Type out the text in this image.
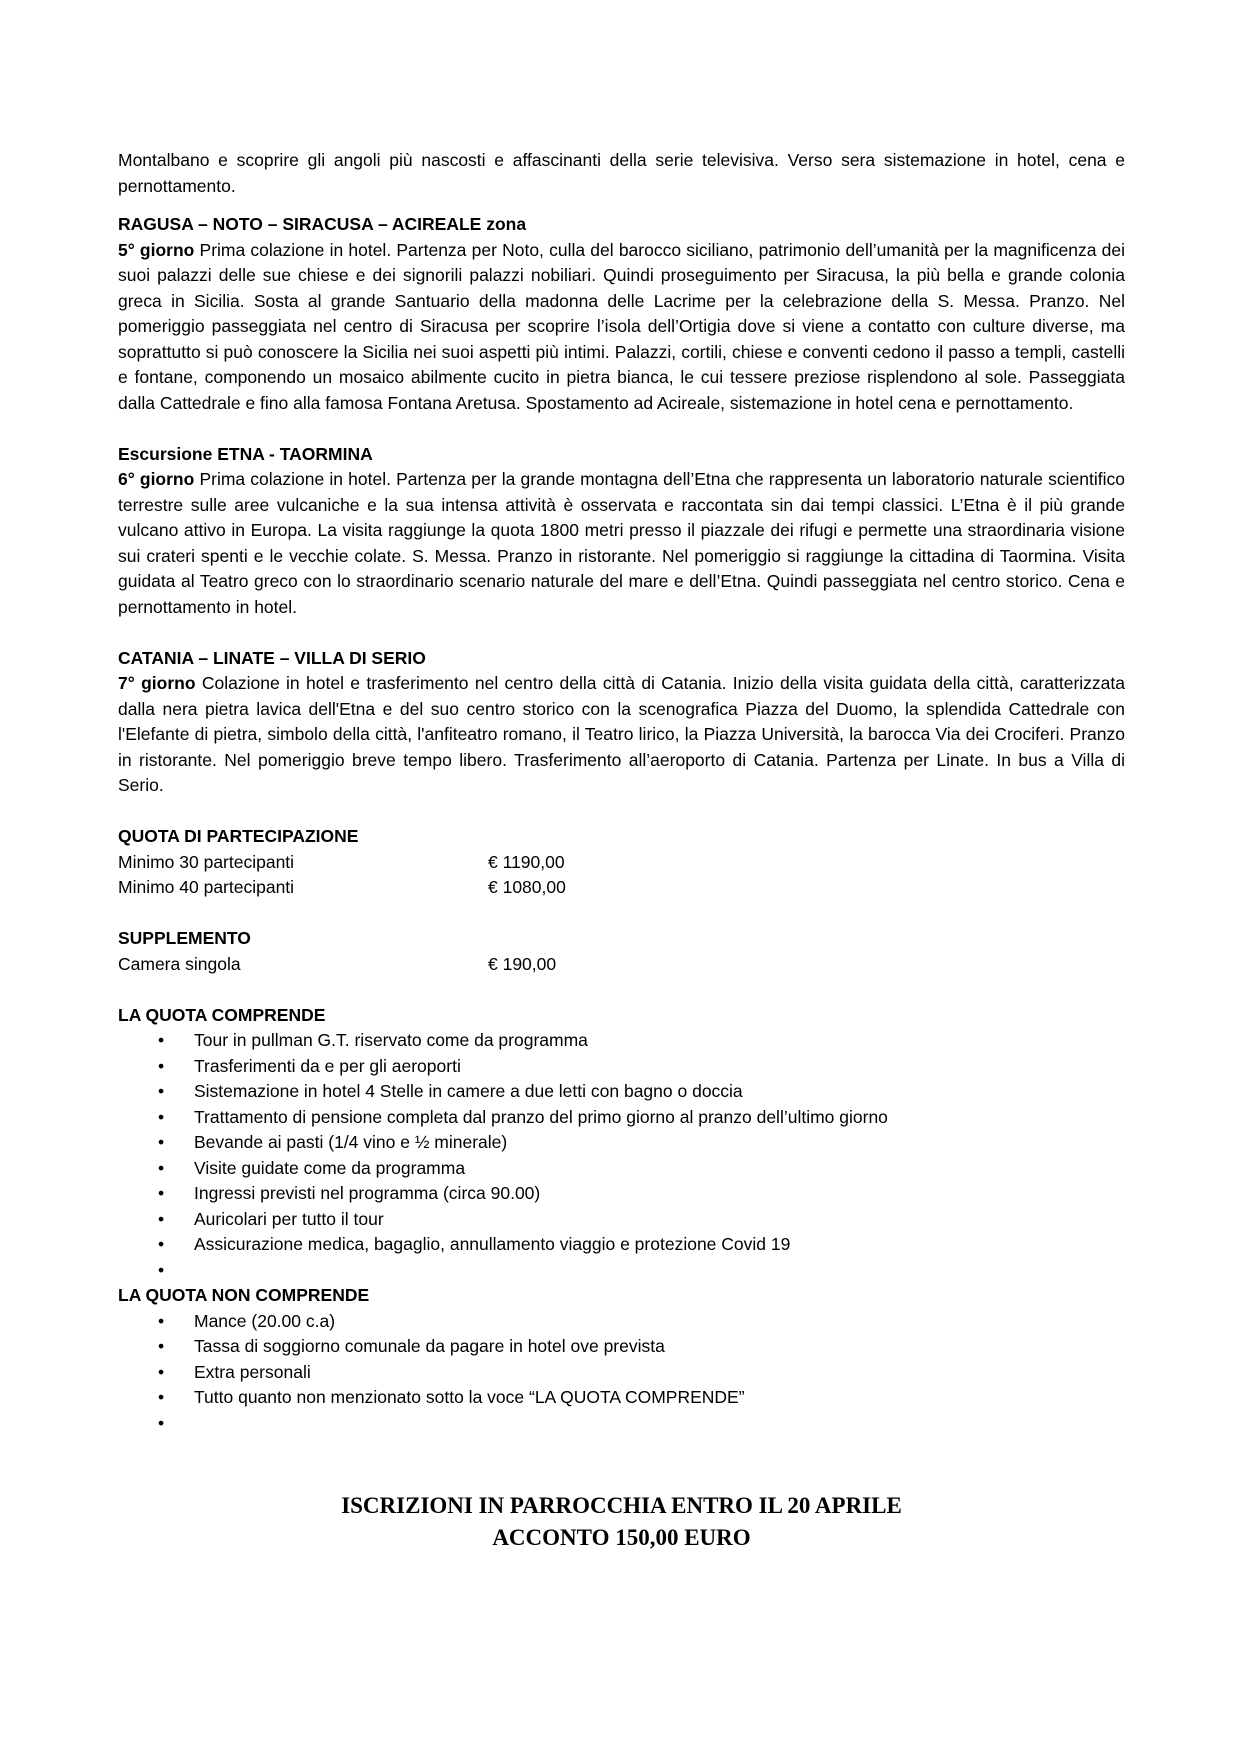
Montalbano e scoprire gli angoli più nascosti e affascinanti della serie televisiva. Verso sera sistemazione in hotel, cena e pernottamento.

RAGUSA – NOTO – SIRACUSA – ACIREALE zona

5° giorno Prima colazione in hotel. Partenza per Noto, culla del barocco siciliano, patrimonio dell’umanità per la magnificenza dei suoi palazzi delle sue chiese e dei signorili palazzi nobiliari. Quindi proseguimento per Siracusa, la più bella e grande colonia greca in Sicilia. Sosta al grande Santuario della madonna delle Lacrime per la celebrazione della S. Messa. Pranzo. Nel pomeriggio passeggiata nel centro di Siracusa per scoprire l’isola dell’Ortigia dove si viene a contatto con culture diverse, ma soprattutto si può conoscere la Sicilia nei suoi aspetti più intimi. Palazzi, cortili, chiese e conventi cedono il passo a templi, castelli e fontane, componendo un mosaico abilmente cucito in pietra bianca, le cui tessere preziose risplendono al sole. Passeggiata dalla Cattedrale e fino alla famosa Fontana Aretusa. Spostamento ad Acireale, sistemazione in hotel cena e pernottamento.

Escursione ETNA - TAORMINA

6° giorno Prima colazione in hotel. Partenza per la grande montagna dell’Etna che rappresenta un laboratorio naturale scientifico terrestre sulle aree vulcaniche e la sua intensa attività è osservata e raccontata sin dai tempi classici. L’Etna è il più grande vulcano attivo in Europa. La visita raggiunge la quota 1800 metri presso il piazzale dei rifugi e permette una straordinaria visione sui crateri spenti e le vecchie colate. S. Messa. Pranzo in ristorante. Nel pomeriggio si raggiunge la cittadina di Taormina. Visita guidata al Teatro greco con lo straordinario scenario naturale del mare e dell’Etna. Quindi passeggiata nel centro storico. Cena e pernottamento in hotel.

CATANIA – LINATE – VILLA DI SERIO

7° giorno Colazione in hotel e trasferimento nel centro della città di Catania. Inizio della visita guidata della città, caratterizzata dalla nera pietra lavica dell'Etna e del suo centro storico con la scenografica Piazza del Duomo, la splendida Cattedrale con l'Elefante di pietra, simbolo della città, l'anfiteatro romano, il Teatro lirico, la Piazza Università, la barocca Via dei Crociferi. Pranzo in ristorante. Nel pomeriggio breve tempo libero. Trasferimento all’aeroporto di Catania. Partenza per Linate. In bus a Villa di Serio.

QUOTA DI PARTECIPAZIONE

Minimo 30 partecipanti	€ 1190,00
Minimo 40 partecipanti	€ 1080,00

SUPPLEMENTO

Camera singola	€ 190,00

LA QUOTA COMPRENDE

• Tour in pullman G.T. riservato come da programma
• Trasferimenti da e per gli aeroporti
• Sistemazione in hotel 4 Stelle in camere a due letti con bagno o doccia
• Trattamento di pensione completa dal pranzo del primo giorno al pranzo dell’ultimo giorno
• Bevande ai pasti (1/4 vino e ½ minerale)
• Visite guidate come da programma
• Ingressi previsti nel programma (circa 90.00)
• Auricolari per tutto il tour
• Assicurazione medica, bagaglio, annullamento viaggio e protezione Covid 19
•

LA QUOTA NON COMPRENDE

• Mance (20.00 c.a)
• Tassa di soggiorno comunale da pagare in hotel ove prevista
• Extra personali
• Tutto quanto non menzionato sotto la voce “LA QUOTA COMPRENDE”
•
ISCRIZIONI IN PARROCCHIA ENTRO IL 20 APRILE
ACCONTO 150,00 EURO
